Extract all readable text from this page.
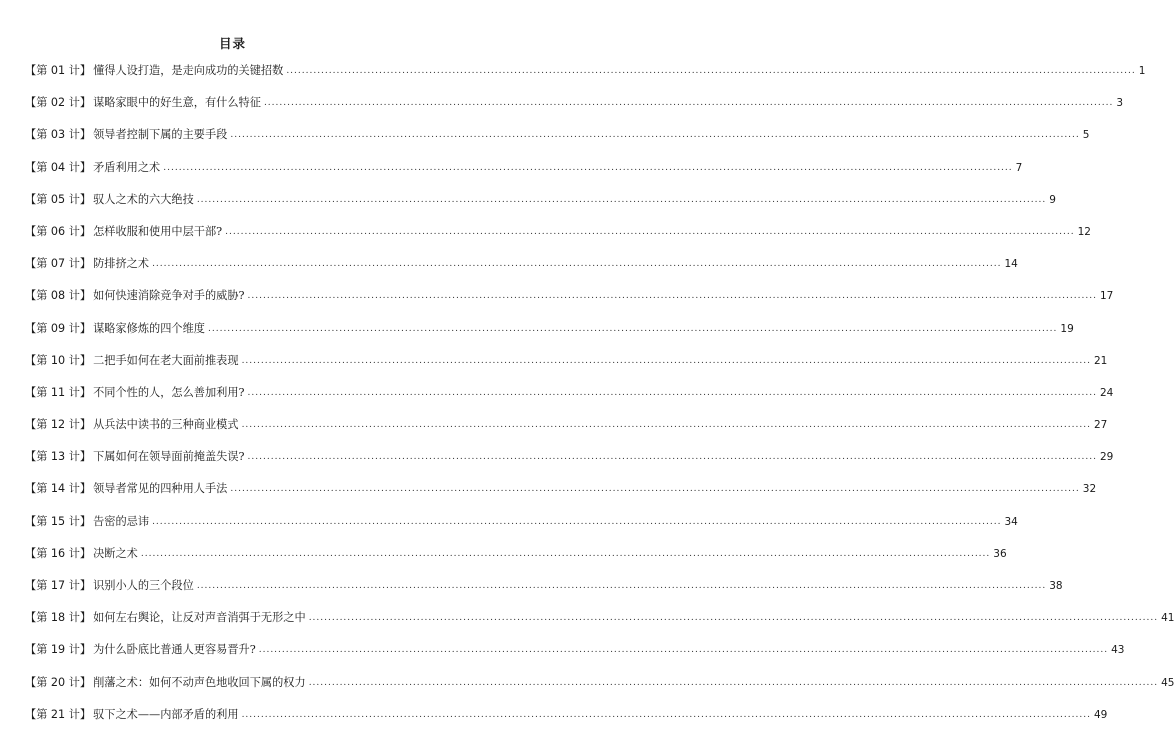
目录
【第 01 计】 懂得人设打造，是走向成功的关键招数 ............................................................................................................................................................................................................................ 1
【第 02 计】 谋略家眼中的好生意，有什么特征 ............................................................................................................................................................................................................................ 3
【第 03 计】 领导者控制下属的主要手段 ............................................................................................................................................................................................................................ 5
【第 04 计】 矛盾利用之术 ............................................................................................................................................................................................................................ 7
【第 05 计】 驭人之术的六大绝技 ............................................................................................................................................................................................................................ 9
【第 06 计】 怎样收服和使用中层干部? ............................................................................................................................................................................................................................ 12
【第 07 计】 防排挤之术 ............................................................................................................................................................................................................................ 14
【第 08 计】 如何快速消除竞争对手的威胁? ............................................................................................................................................................................................................................ 17
【第 09 计】 谋略家修炼的四个维度 ............................................................................................................................................................................................................................ 19
【第 10 计】 二把手如何在老大面前推表现 ............................................................................................................................................................................................................................ 21
【第 11 计】 不同个性的人，怎么善加利用? ............................................................................................................................................................................................................................ 24
【第 12 计】 从兵法中读书的三种商业模式 ............................................................................................................................................................................................................................ 27
【第 13 计】 下属如何在领导面前掩盖失误? ............................................................................................................................................................................................................................ 29
【第 14 计】 领导者常见的四种用人手法 ............................................................................................................................................................................................................................ 32
【第 15 计】 告密的忌讳 ............................................................................................................................................................................................................................ 34
【第 16 计】 决断之术 ............................................................................................................................................................................................................................ 36
【第 17 计】 识别小人的三个段位 ............................................................................................................................................................................................................................ 38
【第 18 计】 如何左右舆论，让反对声音消弭于无形之中 ............................................................................................................................................................................................................................ 41
【第 19 计】 为什么卧底比普通人更容易晋升? ............................................................................................................................................................................................................................ 43
【第 20 计】 削藩之术：如何不动声色地收回下属的权力 ............................................................................................................................................................................................................................ 45
【第 21 计】 驭下之术——内部矛盾的利用 ............................................................................................................................................................................................................................ 49
